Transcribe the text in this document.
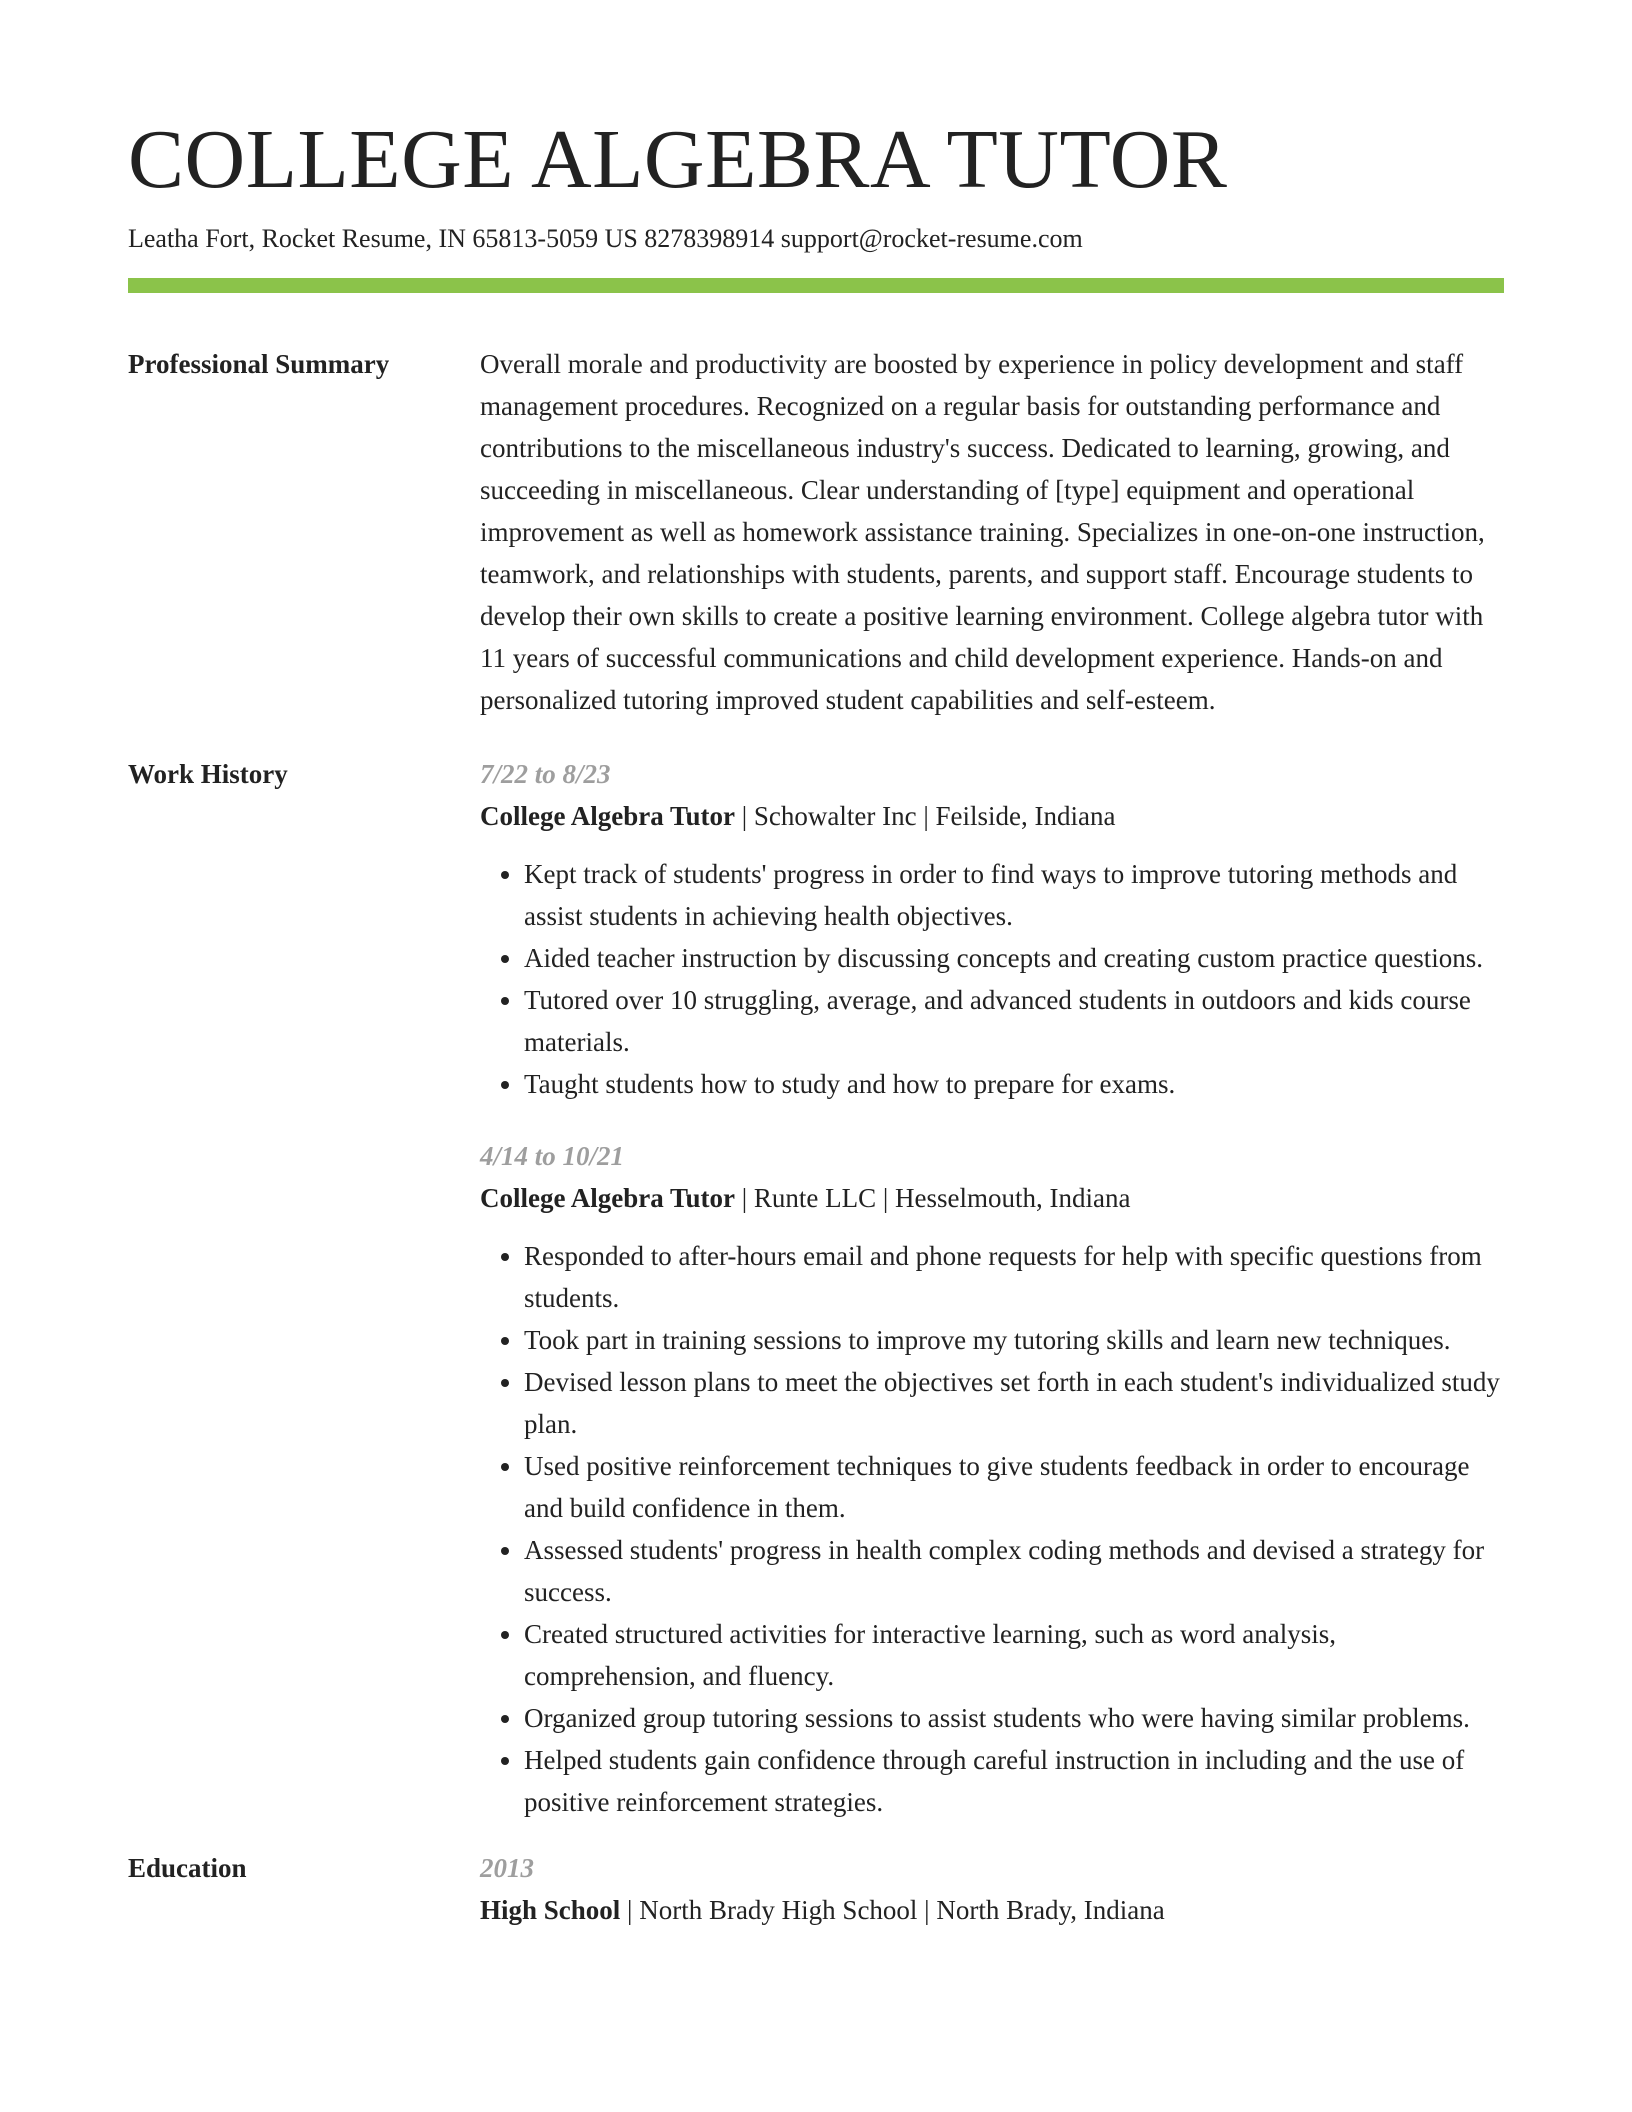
COLLEGE ALGEBRA TUTOR
Leatha Fort, Rocket Resume, IN 65813-5059 US 8278398914 support@rocket-resume.com
Professional Summary	Overall morale and productivity are boosted by experience in policy development and staff management procedures. Recognized on a regular basis for outstanding performance and contributions to the miscellaneous industry's success. Dedicated to learning, growing, and succeeding in miscellaneous. Clear understanding of [type] equipment and operational improvement as well as homework assistance training. Specializes in one-on-one instruction, teamwork, and relationships with students, parents, and support staff. Encourage students to develop their own skills to create a positive learning environment. College algebra tutor with 11 years of successful communications and child development experience. Hands-on and personalized tutoring improved student capabilities and self-esteem.
Work History	7/22 to 8/23
College Algebra Tutor | Schowalter Inc | Feilside, Indiana
• Kept track of students' progress in order to find ways to improve tutoring methods and assist students in achieving health objectives.
• Aided teacher instruction by discussing concepts and creating custom practice questions.
• Tutored over 10 struggling, average, and advanced students in outdoors and kids course materials.
• Taught students how to study and how to prepare for exams.
4/14 to 10/21
College Algebra Tutor | Runte LLC | Hesselmouth, Indiana
• Responded to after-hours email and phone requests for help with specific questions from students.
• Took part in training sessions to improve my tutoring skills and learn new techniques.
• Devised lesson plans to meet the objectives set forth in each student's individualized study plan.
• Used positive reinforcement techniques to give students feedback in order to encourage and build confidence in them.
• Assessed students' progress in health complex coding methods and devised a strategy for success.
• Created structured activities for interactive learning, such as word analysis, comprehension, and fluency.
• Organized group tutoring sessions to assist students who were having similar problems.
• Helped students gain confidence through careful instruction in including and the use of positive reinforcement strategies.
Education	2013
High School | North Brady High School | North Brady, Indiana
